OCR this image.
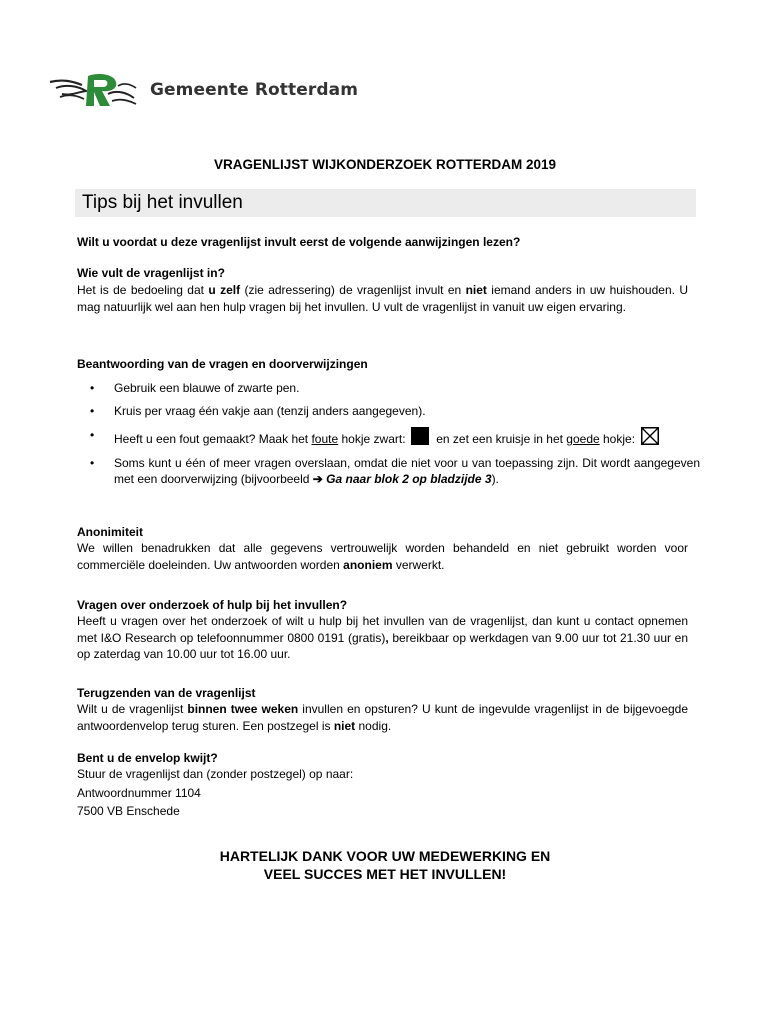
Gemeente Rotterdam
VRAGENLIJST WIJKONDERZOEK ROTTERDAM 2019
Tips bij het invullen
Wilt u voordat u deze vragenlijst invult eerst de volgende aanwijzingen lezen?
Wie vult de vragenlijst in?
Het is de bedoeling dat u zelf (zie adressering) de vragenlijst invult en niet iemand anders in uw huishouden. U mag natuurlijk wel aan hen hulp vragen bij het invullen. U vult de vragenlijst in vanuit uw eigen ervaring.
Beantwoording van de vragen en doorverwijzingen
• Gebruik een blauwe of zwarte pen.
• Kruis per vraag één vakje aan (tenzij anders aangegeven).
• Heeft u een fout gemaakt? Maak het foute hokje zwart:  en zet een kruisje in het goede hokje:
• Soms kunt u één of meer vragen overslaan, omdat die niet voor u van toepassing zijn. Dit wordt aangegeven met een doorverwijzing (bijvoorbeeld ➔ Ga naar blok 2 op bladzijde 3).
Anonimiteit
We willen benadrukken dat alle gegevens vertrouwelijk worden behandeld en niet gebruikt worden voor commerciële doeleinden. Uw antwoorden worden anoniem verwerkt.
Vragen over onderzoek of hulp bij het invullen?
Heeft u vragen over het onderzoek of wilt u hulp bij het invullen van de vragenlijst, dan kunt u contact opnemen met I&O Research op telefoonnummer 0800 0191 (gratis), bereikbaar op werkdagen van 9.00 uur tot 21.30 uur en op zaterdag van 10.00 uur tot 16.00 uur.
Terugzenden van de vragenlijst
Wilt u de vragenlijst binnen twee weken invullen en opsturen? U kunt de ingevulde vragenlijst in de bijgevoegde antwoordenvelop terug sturen. Een postzegel is niet nodig.
Bent u de envelop kwijt?
Stuur de vragenlijst dan (zonder postzegel) op naar:
Antwoordnummer 1104
7500 VB Enschede
HARTELIJK DANK VOOR UW MEDEWERKING EN
VEEL SUCCES MET HET INVULLEN!
